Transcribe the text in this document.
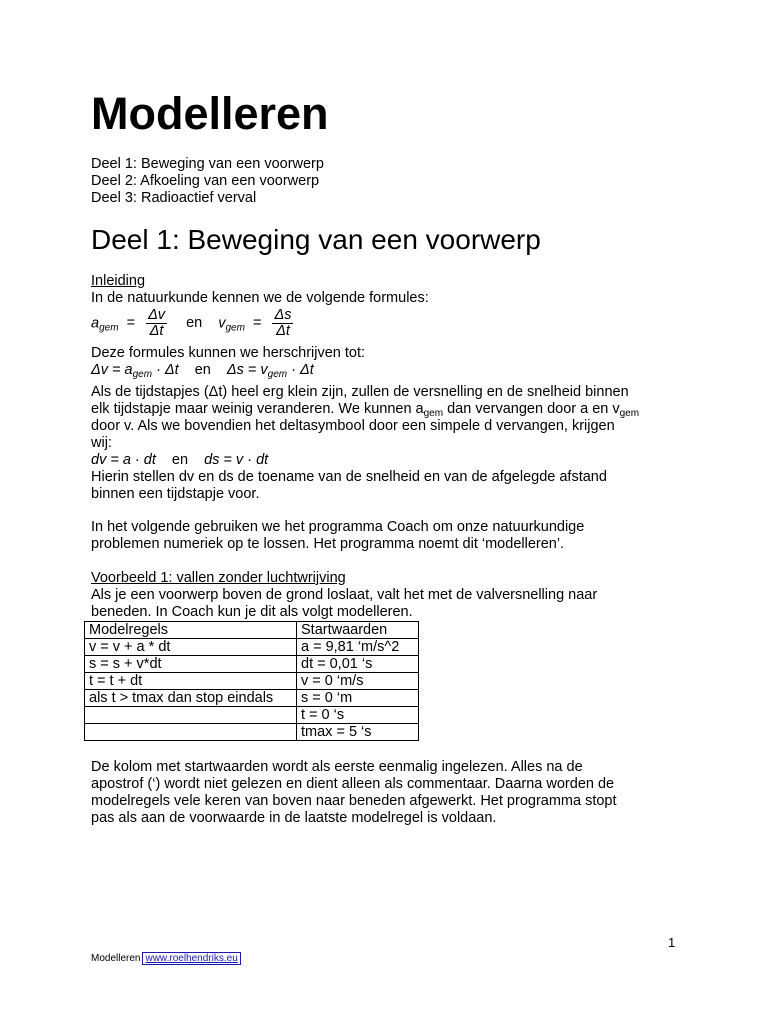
Modelleren
Deel 1: Beweging van een voorwerp
Deel 2: Afkoeling van een voorwerp
Deel 3: Radioactief verval
Deel 1: Beweging van een voorwerp
Inleiding
In de natuurkunde kennen we de volgende formules:
$a_{gem} = \frac{\Delta v}{\Delta t}$ en $v_{gem} = \frac{\Delta s}{\Delta t}$
Deze formules kunnen we herschrijven tot:
$\Delta v = a_{gem} \cdot \Delta t$ en $\Delta s = v_{gem} \cdot \Delta t$
Als de tijdstapjes (Δt) heel erg klein zijn, zullen de versnelling en de snelheid binnen
elk tijdstapje maar weinig veranderen. We kunnen $a_{gem}$ dan vervangen door a en $v_{gem}$
door v. Als we bovendien het deltasymbool door een simpele d vervangen, krijgen
wij:
dv = a · dt en ds = v · dt
Hierin stellen dv en ds de toename van de snelheid en van de afgelegde afstand
binnen een tijdstapje voor.
In het volgende gebruiken we het programma Coach om onze natuurkundige
problemen numeriek op te lossen. Het programma noemt dit ‘modelleren’.
Voorbeeld 1: vallen zonder luchtwrijving
Als je een voorwerp boven de grond loslaat, valt het met de valversnelling naar
beneden. In Coach kun je dit als volgt modelleren.
Modelregels	Startwaarden
v = v + a * dt	a = 9,81 ‘m/s^2
s = s + v*dt	dt = 0,01 ‘s
t = t + dt	v = 0 ‘m/s
als t > tmax dan stop eindals	s = 0 ‘m
	t = 0 ‘s
	tmax = 5 ‘s
De kolom met startwaarden wordt als eerste eenmalig ingelezen. Alles na de
apostrof (‘) wordt niet gelezen en dient alleen als commentaar. Daarna worden de
modelregels vele keren van boven naar beneden afgewerkt. Het programma stopt
pas als aan de voorwaarde in de laatste modelregel is voldaan.
1
Modelleren www.roelhendriks.eu
